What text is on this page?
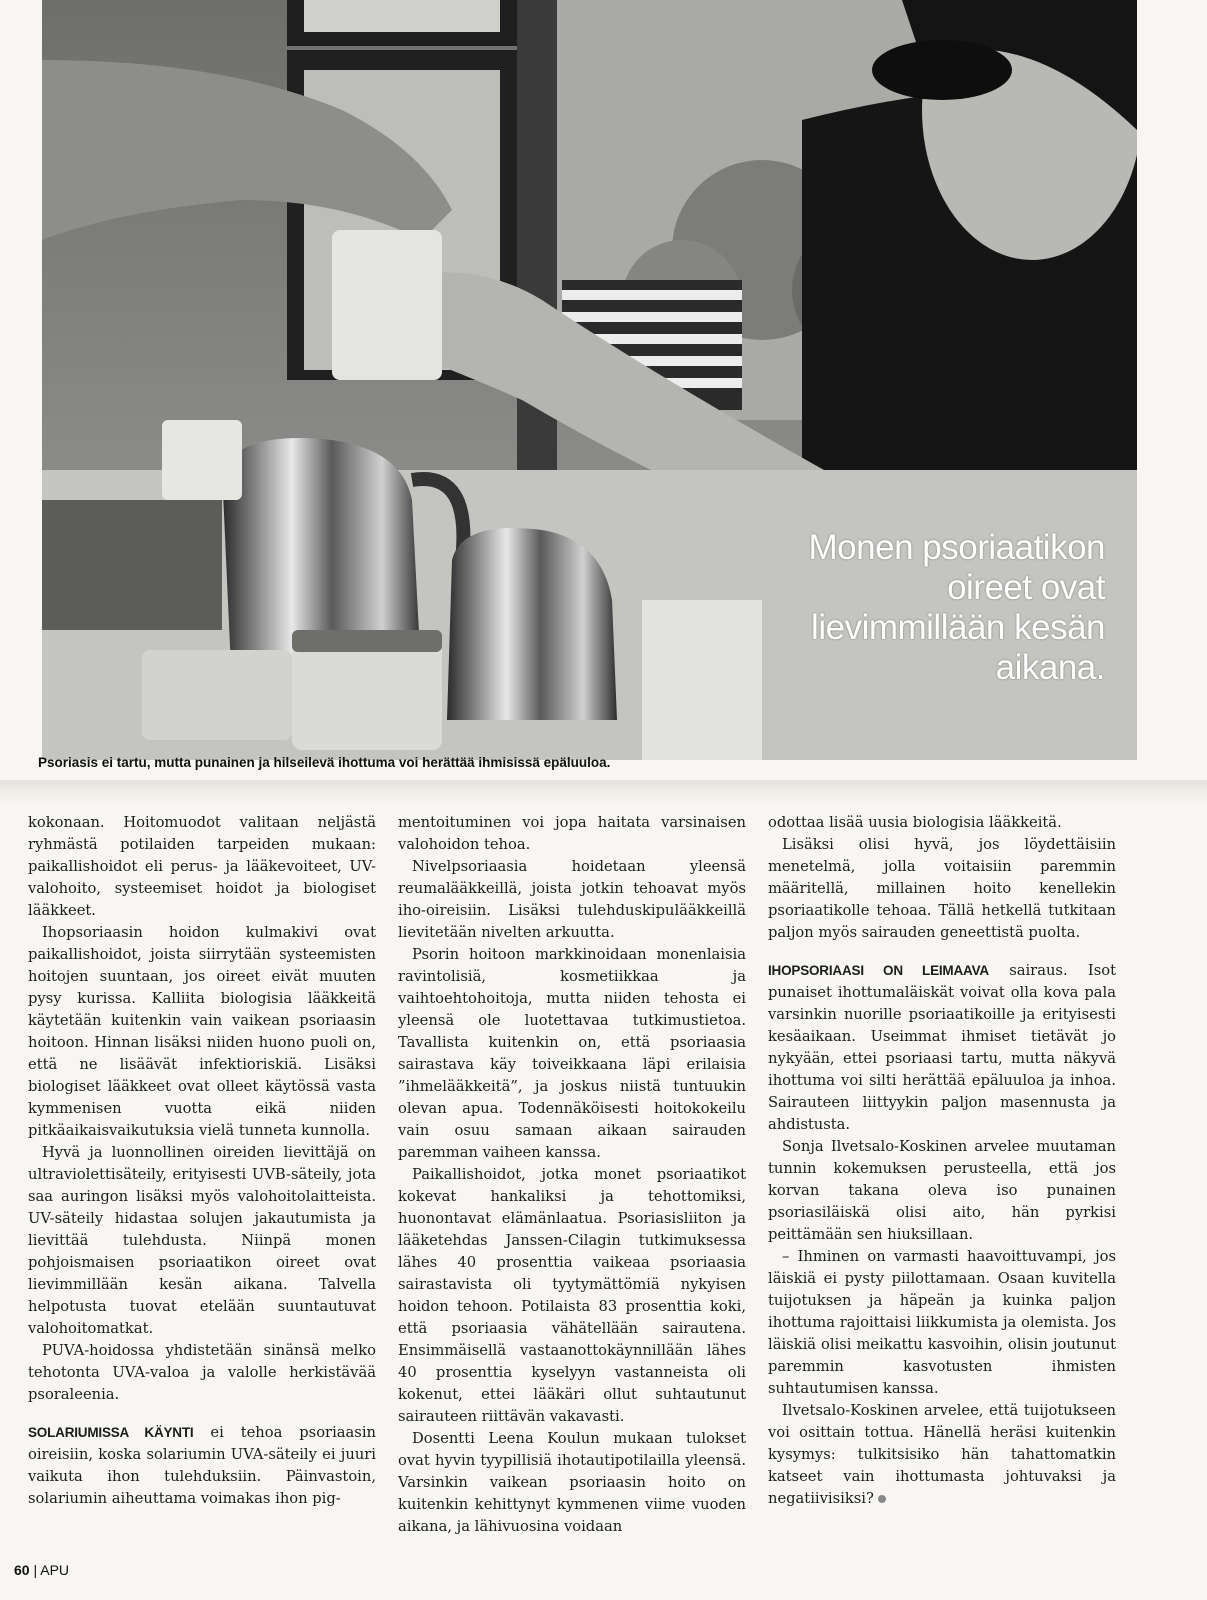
Monen psoriaatikon oireet ovat lievimmillään kesän aikana.
Psoriasis ei tartu, mutta punainen ja hilseilevä ihottuma voi herättää ihmisissä epäluuloa.

kokonaan. Hoitomuodot valitaan neljästä ryhmästä potilaiden tarpeiden mukaan: paikallishoidot eli perus- ja lääkevoiteet, UV-valohoito, systeemiset hoidot ja biologiset lääkkeet.

Ihopsoriaasin hoidon kulmakivi ovat paikallishoidot, joista siirrytään systeemisten hoitojen suuntaan, jos oireet eivät muuten pysy kurissa. Kalliita biologisia lääkkeitä käytetään kuitenkin vain vaikean psoriaasin hoitoon. Hinnan lisäksi niiden huono puoli on, että ne lisäävät infektioriskiä. Lisäksi biologiset lääkkeet ovat olleet käytössä vasta kymmenisen vuotta eikä niiden pitkäaikaisvaikutuksia vielä tunneta kunnolla.

Hyvä ja luonnollinen oireiden lievittäjä on ultraviolettisäteily, erityisesti UVB-säteily, jota saa auringon lisäksi myös valohoitolaitteista. UV-säteily hidastaa solujen jakautumista ja lievittää tulehdusta. Niinpä monen pohjoismaisen psoriaatikon oireet ovat lievimmillään kesän aikana. Talvella helpotusta tuovat etelään suuntautuvat valohoitomatkat.

PUVA-hoidossa yhdistetään sinänsä melko tehotonta UVA-valoa ja valolle herkistävää psoraleenia.

SOLARIUMISSA KÄYNTI ei tehoa psoriaasin oireisiin, koska solariumin UVA-säteily ei juuri vaikuta ihon tulehduksiin. Päinvastoin, solariumin aiheuttama voimakas ihon pig-

mentoituminen voi jopa haitata varsinaisen valohoidon tehoa.

Nivelpsoriaasia hoidetaan yleensä reumalääkkeillä, joista jotkin tehoavat myös iho-oireisiin. Lisäksi tulehduskipulääkkeillä lievitetään nivelten arkuutta.

Psorin hoitoon markkinoidaan monenlaisia ravintolisiä, kosmetiikkaa ja vaihtoehtohoitoja, mutta niiden tehosta ei yleensä ole luotettavaa tutkimustietoa. Tavallista kuitenkin on, että psoriaasia sairastava käy toiveikkaana läpi erilaisia ”ihmelääkkeitä”, ja joskus niistä tuntuukin olevan apua. Todennäköisesti hoitokokeilu vain osuu samaan aikaan sairauden paremman vaiheen kanssa.

Paikallishoidot, jotka monet psoriaatikot kokevat hankaliksi ja tehottomiksi, huonontavat elämänlaatua. Psoriasisliiton ja lääketehdas Janssen-Cilagin tutkimuksessa lähes 40 prosenttia vaikeaa psoriaasia sairastavista oli tyytymättömiä nykyisen hoidon tehoon. Potilaista 83 prosenttia koki, että psoriaasia vähätellään sairautena. Ensimmäisellä vastaanottokäynnillään lähes 40 prosenttia kyselyyn vastanneista oli kokenut, ettei lääkäri ollut suhtautunut sairauteen riittävän vakavasti.

Dosentti Leena Koulun mukaan tulokset ovat hyvin tyypillisiä ihotautipotilailla yleensä. Varsinkin vaikean psoriaasin hoito on kuitenkin kehittynyt kymmenen viime vuoden aikana, ja lähivuosina voidaan

odottaa lisää uusia biologisia lääkkeitä.

Lisäksi olisi hyvä, jos löydettäisiin menetelmä, jolla voitaisiin paremmin määritellä, millainen hoito kenellekin psoriaatikolle tehoaa. Tällä hetkellä tutkitaan paljon myös sairauden geneettistä puolta.

IHOPSORIAASI ON LEIMAAVA sairaus. Isot punaiset ihottumaläiskät voivat olla kova pala varsinkin nuorille psoriaatikoille ja erityisesti kesäaikaan. Useimmat ihmiset tietävät jo nykyään, ettei psoriaasi tartu, mutta näkyvä ihottuma voi silti herättää epäluuloa ja inhoa. Sairauteen liittyykin paljon masennusta ja ahdistusta.

Sonja Ilvetsalo-Koskinen arvelee muutaman tunnin kokemuksen perusteella, että jos korvan takana oleva iso punainen psoriasiläiskä olisi aito, hän pyrkisi peittämään sen hiuksillaan.

– Ihminen on varmasti haavoittuvampi, jos läiskiä ei pysty piilottamaan. Osaan kuvitella tuijotuksen ja häpeän ja kuinka paljon ihottuma rajoittaisi liikkumista ja olemista. Jos läiskiä olisi meikattu kasvoihin, olisin joutunut paremmin kasvotusten ihmisten suhtautumisen kanssa.

Ilvetsalo-Koskinen arvelee, että tuijotukseen voi osittain tottua. Hänellä heräsi kuitenkin kysymys: tulkitsisiko hän tahattomatkin katseet vain ihottumasta johtuvaksi ja negatiivisiksi?

60 | APU
